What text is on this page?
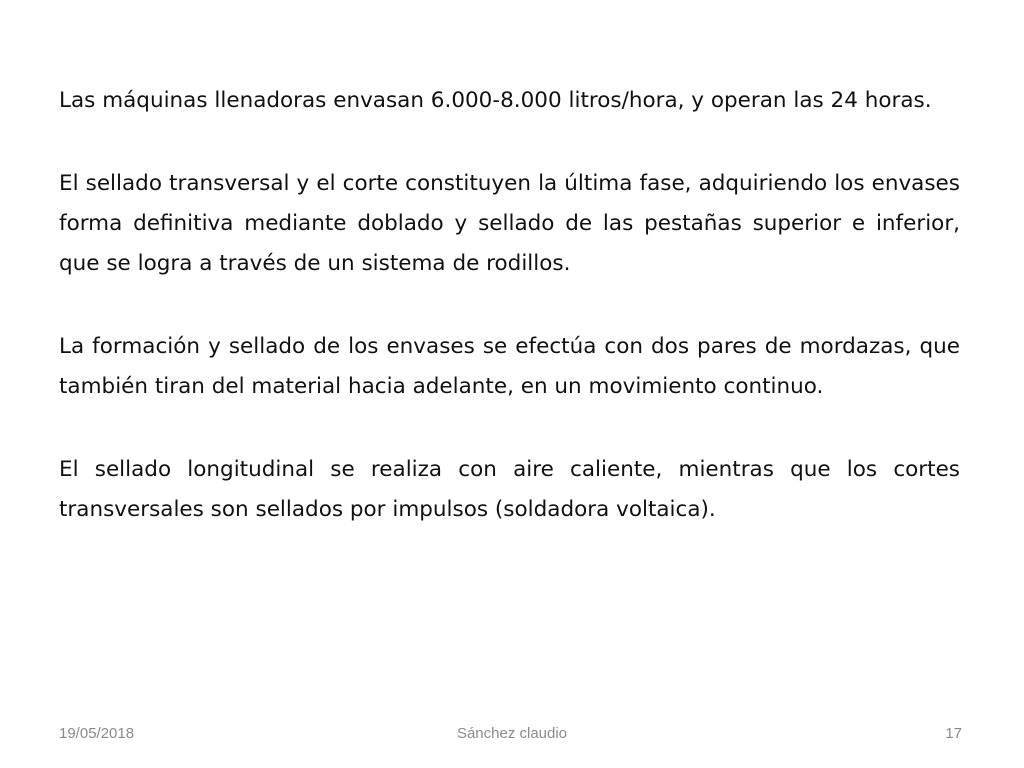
Las máquinas llenadoras envasan 6.000-8.000 litros/hora, y operan las 24 horas.

El sellado transversal y el corte constituyen la última fase, adquiriendo los envases forma definitiva mediante doblado y sellado de las pestañas superior e inferior, que se logra a través de un sistema de rodillos.

La formación y sellado de los envases se efectúa con dos pares de mordazas, que también tiran del material hacia adelante, en un movimiento continuo.

El sellado longitudinal se realiza con aire caliente, mientras que los cortes transversales son sellados por impulsos (soldadora voltaica).

19/05/2018	Sánchez claudio	17
